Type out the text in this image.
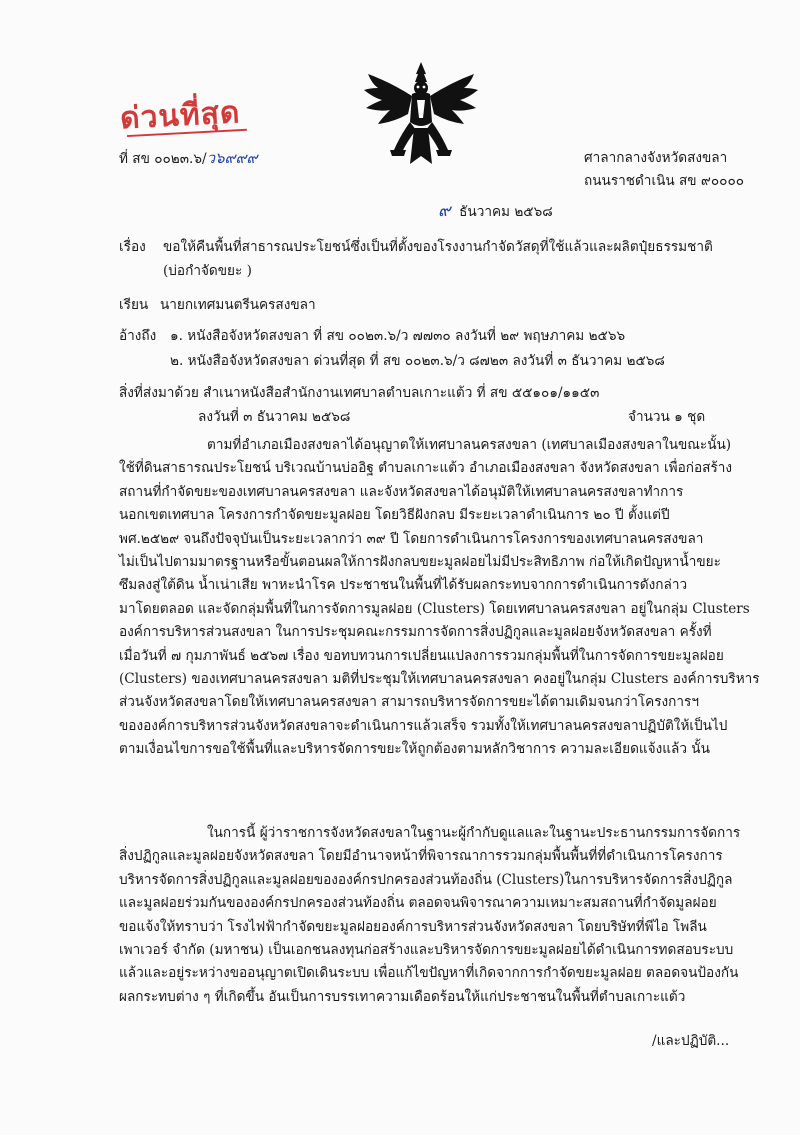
ด่วนที่สุด
ที่ สข ๐๐๒๓.๖/ว๖๙๙๙	ศาลากลางจังหวัดสงขลา
ถนนราชดำเนิน สข ๙๐๐๐๐
๙ ธันวาคม ๒๕๖๘
เรื่อง ขอให้คืนพื้นที่สาธารณประโยชน์ซึ่งเป็นที่ตั้งของโรงงานกำจัดวัสดุที่ใช้แล้วและผลิตปุ๋ยธรรมชาติ
(บ่อกำจัดขยะ )
เรียน นายกเทศมนตรีนครสงขลา
อ้างถึง ๑. หนังสือจังหวัดสงขลา ที่ สข ๐๐๒๓.๖/ว ๗๗๓๐ ลงวันที่ ๒๙ พฤษภาคม ๒๕๖๖
๒. หนังสือจังหวัดสงขลา ด่วนที่สุด ที่ สข ๐๐๒๓.๖/ว ๘๗๒๓ ลงวันที่ ๓ ธันวาคม ๒๕๖๘
สิ่งที่ส่งมาด้วย สำเนาหนังสือสำนักงานเทศบาลตำบลเกาะแต้ว ที่ สข ๕๕๑๐๑/๑๑๕๓
ลงวันที่ ๓ ธันวาคม ๒๕๖๘	จำนวน ๑ ชุด
ตามที่อำเภอเมืองสงขลาได้อนุญาตให้เทศบาลนครสงขลา (เทศบาลเมืองสงขลาในขณะนั้น)
ใช้ที่ดินสาธารณประโยชน์ บริเวณบ้านบ่ออิฐ ตำบลเกาะแต้ว อำเภอเมืองสงขลา จังหวัดสงขลา เพื่อก่อสร้าง
สถานที่กำจัดขยะของเทศบาลนครสงขลา และจังหวัดสงขลาได้อนุมัติให้เทศบาลนครสงขลาทำการ
นอกเขตเทศบาล โครงการกำจัดขยะมูลฝอย โดยวิธีฝังกลบ มีระยะเวลาดำเนินการ ๒๐ ปี ตั้งแต่ปี
พศ.๒๕๒๙ จนถึงปัจจุบันเป็นระยะเวลากว่า ๓๙ ปี โดยการดำเนินการโครงการของเทศบาลนครสงขลา
ไม่เป็นไปตามมาตรฐานหรือขั้นตอนผลให้การฝังกลบขยะมูลฝอยไม่มีประสิทธิภาพ ก่อให้เกิดปัญหาน้ำขยะ
ซึมลงสู่ใต้ดิน น้ำเน่าเสีย พาหะนำโรค ประชาชนในพื้นที่ได้รับผลกระทบจากการดำเนินการดังกล่าว
มาโดยตลอด และจัดกลุ่มพื้นที่ในการจัดการมูลฝอย (Clusters) โดยเทศบาลนครสงขลา อยู่ในกลุ่ม Clusters
องค์การบริหารส่วนสงขลา ในการประชุมคณะกรรมการจัดการสิ่งปฏิกูลและมูลฝอยจังหวัดสงขลา ครั้งที่
เมื่อวันที่ ๗ กุมภาพันธ์ ๒๕๖๗ เรื่อง ขอทบทวนการเปลี่ยนแปลงการรวมกลุ่มพื้นที่ในการจัดการขยะมูลฝอย
(Clusters) ของเทศบาลนครสงขลา มติที่ประชุมให้เทศบาลนครสงขลา คงอยู่ในกลุ่ม Clusters องค์การบริหาร
ส่วนจังหวัดสงขลาโดยให้เทศบาลนครสงขลา สามารถบริหารจัดการขยะได้ตามเดิมจนกว่าโครงการฯ
ขององค์การบริหารส่วนจังหวัดสงขลาจะดำเนินการแล้วเสร็จ รวมทั้งให้เทศบาลนครสงขลาปฏิบัติให้เป็นไป
ตามเงื่อนไขการขอใช้พื้นที่และบริหารจัดการขยะให้ถูกต้องตามหลักวิชาการ ความละเอียดแจ้งแล้ว นั้น
ในการนี้ ผู้ว่าราชการจังหวัดสงขลาในฐานะผู้กำกับดูแลและในฐานะประธานกรรมการจัดการ
สิ่งปฏิกูลและมูลฝอยจังหวัดสงขลา โดยมีอำนาจหน้าที่พิจารณาการรวมกลุ่มพื้นพื้นที่ที่ดำเนินการโครงการ
บริหารจัดการสิ่งปฏิกูลและมูลฝอยขององค์กรปกครองส่วนท้องถิ่น (Clusters)ในการบริหารจัดการสิ่งปฏิกูล
และมูลฝอยร่วมกันขององค์กรปกครองส่วนท้องถิ่น ตลอดจนพิจารณาความเหมาะสมสถานที่กำจัดมูลฝอย
ขอแจ้งให้ทราบว่า โรงไฟฟ้ากำจัดขยะมูลฝอยองค์การบริหารส่วนจังหวัดสงขลา โดยบริษัทที่พีไอ โพลีน
เพาเวอร์ จำกัด (มหาชน) เป็นเอกชนลงทุนก่อสร้างและบริหารจัดการขยะมูลฝอยได้ดำเนินการทดสอบระบบ
แล้วและอยู่ระหว่างขออนุญาตเปิดเดินระบบ เพื่อแก้ไขปัญหาที่เกิดจากการกำจัดขยะมูลฝอย ตลอดจนป้องกัน
ผลกระทบต่าง ๆ ที่เกิดขึ้น อันเป็นการบรรเทาความเดือดร้อนให้แก่ประชาชนในพื้นที่ตำบลเกาะแต้ว
/และปฏิบัติ...
